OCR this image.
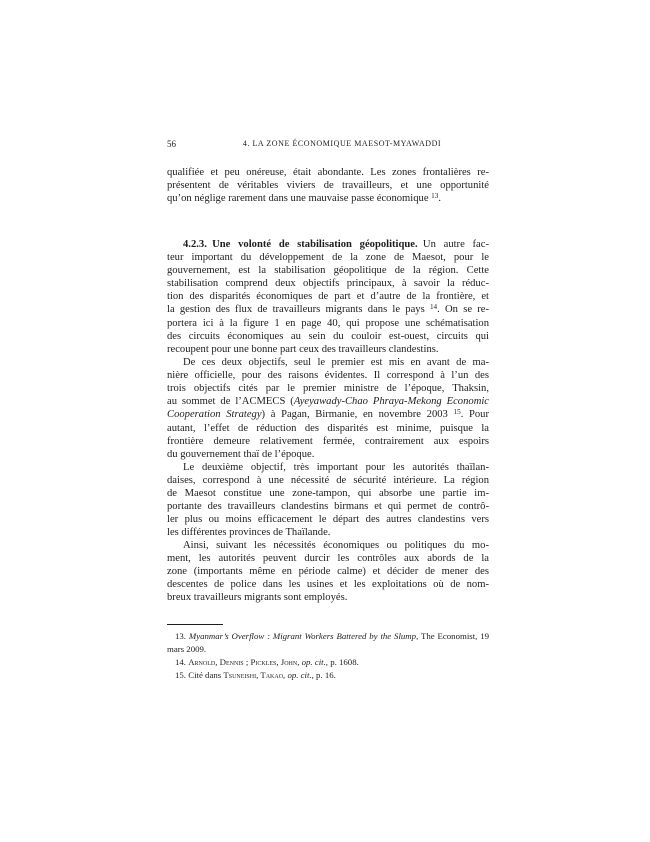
56	4. LA ZONE ÉCONOMIQUE MAESOT-MYAWADDI
qualifiée et peu onéreuse, était abondante. Les zones frontalières re-
présentent de véritables viviers de travailleurs, et une opportunité
qu’on néglige rarement dans une mauvaise passe économique $^{13}$.
4.2.3. Une volonté de stabilisation géopolitique. Un autre fac-
teur important du développement de la zone de Maesot, pour le
gouvernement, est la stabilisation géopolitique de la région. Cette
stabilisation comprend deux objectifs principaux, à savoir la réduc-
tion des disparités économiques de part et d’autre de la frontière, et
la gestion des flux de travailleurs migrants dans le pays $^{14}$. On se re-
portera ici à la figure 1 en page 40, qui propose une schématisation
des circuits économiques au sein du couloir est-ouest, circuits qui
recoupent pour une bonne part ceux des travailleurs clandestins.
De ces deux objectifs, seul le premier est mis en avant de ma-
nière officielle, pour des raisons évidentes. Il correspond à l’un des
trois objectifs cités par le premier ministre de l’époque, Thaksin,
au sommet de l’ACMECS (Ayeyawady-Chao Phraya-Mekong Economic
Cooperation Strategy) à Pagan, Birmanie, en novembre 2003 $^{15}$. Pour
autant, l’effet de réduction des disparités est minime, puisque la
frontière demeure relativement fermée, contrairement aux espoirs
du gouvernement thaï de l’époque.
Le deuxième objectif, très important pour les autorités thaïlan-
daises, correspond à une nécessité de sécurité intérieure. La région
de Maesot constitue une zone-tampon, qui absorbe une partie im-
portante des travailleurs clandestins birmans et qui permet de contrô-
ler plus ou moins efficacement le départ des autres clandestins vers
les différentes provinces de Thaïlande.
Ainsi, suivant les nécessités économiques ou politiques du mo-
ment, les autorités peuvent durcir les contrôles aux abords de la
zone (importants même en période calme) et décider de mener des
descentes de police dans les usines et les exploitations où de nom-
breux travailleurs migrants sont employés.
13. Myanmar’s Overflow : Migrant Workers Battered by the Slump, The Economist, 19
mars 2009.
14. Arnold, Dennis ; Pickles, John, op. cit., p. 1608.
15. Cité dans Tsuneishi, Takao, op. cit., p. 16.
